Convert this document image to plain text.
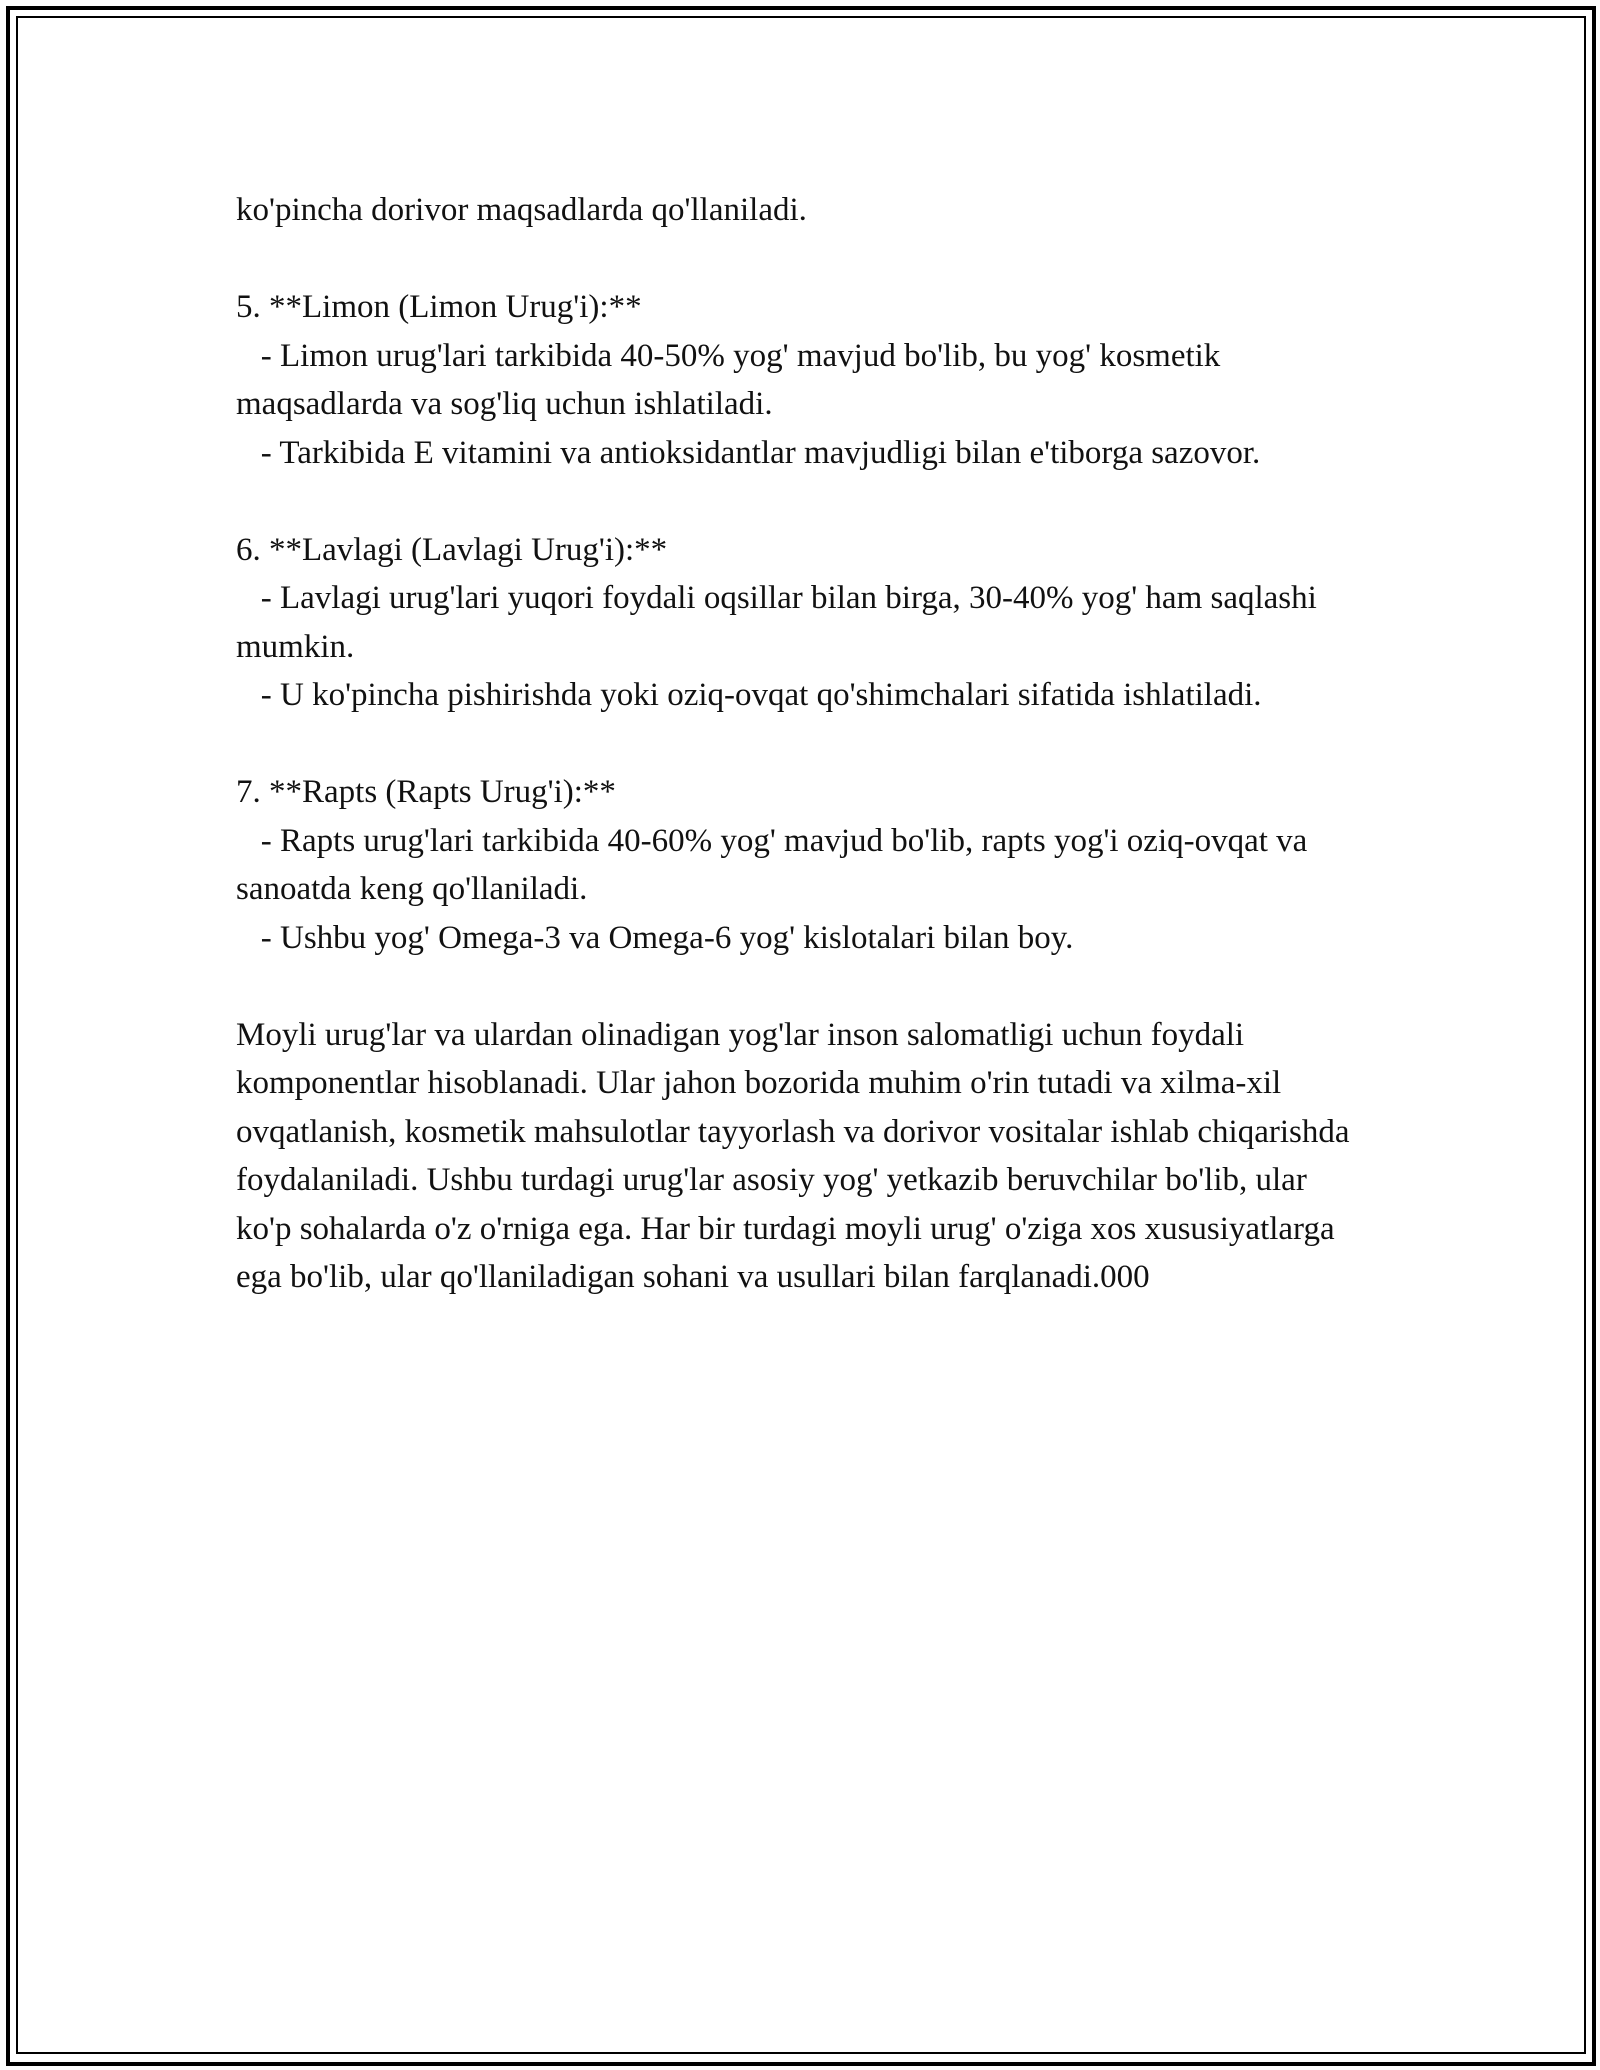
ko'pincha dorivor maqsadlarda qo'llaniladi.

5. **Limon (Limon Urug'i):**

- Limon urug'lari tarkibida 40-50% yog' mavjud bo'lib, bu yog' kosmetik maqsadlarda va sog'liq uchun ishlatiladi.

- Tarkibida E vitamini va antioksidantlar mavjudligi bilan e'tiborga sazovor.

6. **Lavlagi (Lavlagi Urug'i):**

- Lavlagi urug'lari yuqori foydali oqsillar bilan birga, 30-40% yog' ham saqlashi mumkin.

- U ko'pincha pishirishda yoki oziq-ovqat qo'shimchalari sifatida ishlatiladi.

7. **Rapts (Rapts Urug'i):**

- Rapts urug'lari tarkibida 40-60% yog' mavjud bo'lib, rapts yog'i oziq-ovqat va sanoatda keng qo'llaniladi.

- Ushbu yog' Omega-3 va Omega-6 yog' kislotalari bilan boy.

Moyli urug'lar va ulardan olinadigan yog'lar inson salomatligi uchun foydali komponentlar hisoblanadi. Ular jahon bozorida muhim o'rin tutadi va xilma-xil ovqatlanish, kosmetik mahsulotlar tayyorlash va dorivor vositalar ishlab chiqarishda foydalaniladi. Ushbu turdagi urug'lar asosiy yog' yetkazib beruvchilar bo'lib, ular ko'p sohalarda o'z o'rniga ega. Har bir turdagi moyli urug' o'ziga xos xususiyatlarga ega bo'lib, ular qo'llaniladigan sohani va usullari bilan farqlanadi.000
